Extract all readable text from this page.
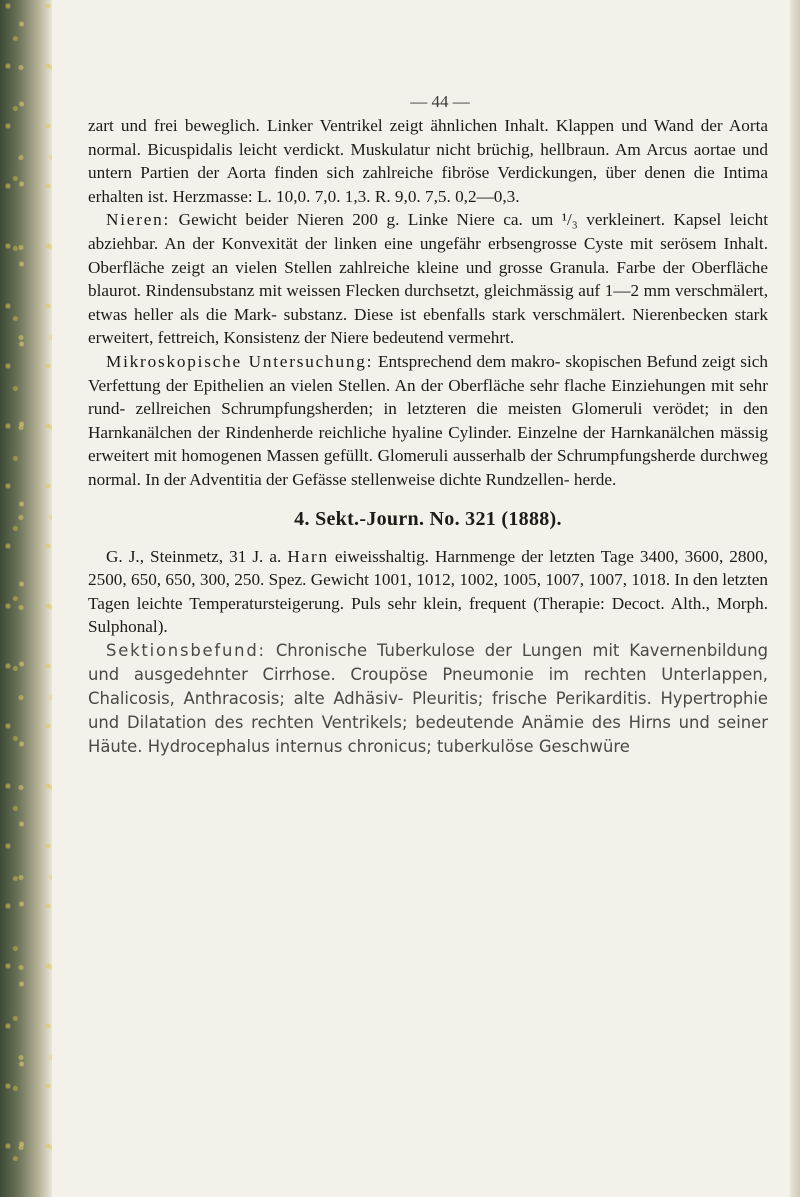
— 44 —

zart und frei beweglich. Linker Ventrikel zeigt ähnlichen Inhalt. Klappen und Wand der Aorta normal. Bicuspidalis leicht verdickt. Muskulatur nicht brüchig, hellbraun. Am Arcus aortae und untern Partien der Aorta finden sich zahlreiche fibröse Verdickungen, über denen die Intima erhalten ist. Herzmasse: L. 10,0. 7,0. 1,3. R. 9,0. 7,5. 0,2—0,3.

Nieren: Gewicht beider Nieren 200 g. Linke Niere ca. um ¹/₃ verkleinert. Kapsel leicht abziehbar. An der Konvexität der linken eine ungefähr erbsengrosse Cyste mit serösem Inhalt. Oberfläche zeigt an vielen Stellen zahlreiche kleine und grosse Granula. Farbe der Oberfläche blaurot. Rindensubstanz mit weissen Flecken durchsetzt, gleichmässig auf 1—2 mm verschmälert, etwas heller als die Mark- substanz. Diese ist ebenfalls stark verschmälert. Nierenbecken stark erweitert, fettreich, Konsistenz der Niere bedeutend vermehrt.

Mikroskopische Untersuchung: Entsprechend dem makro- skopischen Befund zeigt sich Verfettung der Epithelien an vielen Stellen. An der Oberfläche sehr flache Einziehungen mit sehr rund- zellreichen Schrumpfungsherden; in letzteren die meisten Glomeruli verödet; in den Harnkanälchen der Rindenherde reichliche hyaline Cylinder. Einzelne der Harnkanälchen mässig erweitert mit homogenen Massen gefüllt. Glomeruli ausserhalb der Schrumpfungsherde durchweg normal. In der Adventitia der Gefässe stellenweise dichte Rundzellen- herde.

4. Sekt.-Journ. No. 321 (1888).

G. J., Steinmetz, 31 J. a. Harn eiweisshaltig. Harnmenge der letzten Tage 3400, 3600, 2800, 2500, 650, 650, 300, 250. Spez. Gewicht 1001, 1012, 1002, 1005, 1007, 1007, 1018. In den letzten Tagen leichte Temperatursteigerung. Puls sehr klein, frequent (Therapie: Decoct. Alth., Morph. Sulphonal).

Sektionsbefund: Chronische Tuberkulose der Lungen mit Kavernenbildung und ausgedehnter Cirrhose. Croupöse Pneumonie im rechten Unterlappen, Chalicosis, Anthracosis; alte Adhäsiv- Pleuritis; frische Perikarditis. Hypertrophie und Dilatation des rechten Ventrikels; bedeutende Anämie des Hirns und seiner Häute. Hydrocephalus internus chronicus; tuberkulöse Geschwüre
